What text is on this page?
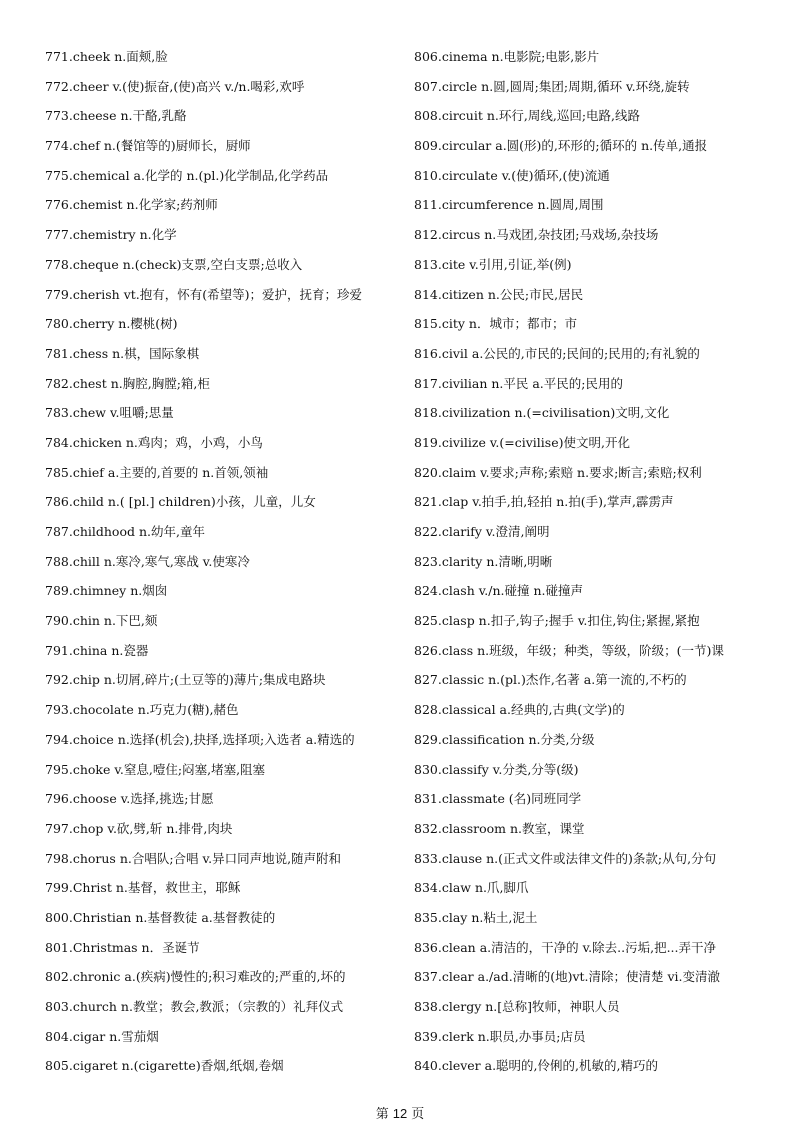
771.cheek n.面颊,脸
772.cheer v.(使)振奋,(使)高兴 v./n.喝彩,欢呼
773.cheese n.干酪,乳酪
774.chef n.(餐馆等的)厨师长，厨师
775.chemical a.化学的 n.(pl.)化学制品,化学药品
776.chemist n.化学家;药剂师
777.chemistry n.化学
778.cheque n.(check)支票,空白支票;总收入
779.cherish vt.抱有，怀有(希望等)；爱护，抚育；珍爱
780.cherry n.樱桃(树)
781.chess n.棋，国际象棋
782.chest n.胸腔,胸膛;箱,柜
783.chew v.咀嚼;思量
784.chicken n.鸡肉；鸡，小鸡，小鸟
785.chief a.主要的,首要的 n.首领,领袖
786.child n.( [pl.] children)小孩，儿童，儿女
787.childhood n.幼年,童年
788.chill n.寒冷,寒气,寒战 v.使寒冷
789.chimney n.烟囱
790.chin n.下巴,颏
791.china n.瓷器
792.chip n.切屑,碎片;(土豆等的)薄片;集成电路块
793.chocolate n.巧克力(糖),赭色
794.choice n.选择(机会),抉择,选择项;入选者 a.精选的
795.choke v.窒息,噎住;闷塞,堵塞,阻塞
796.choose v.选择,挑选;甘愿
797.chop v.砍,劈,斩 n.排骨,肉块
798.chorus n.合唱队;合唱 v.异口同声地说,随声附和
799.Christ n.基督，救世主，耶稣
800.Christian n.基督教徒 a.基督教徒的
801.Christmas n．圣诞节
802.chronic a.(疾病)慢性的;积习难改的;严重的,坏的
803.church n.教堂；教会,教派；（宗教的）礼拜仪式
804.cigar n.雪茄烟
805.cigaret n.(cigarette)香烟,纸烟,卷烟
806.cinema n.电影院;电影,影片
807.circle n.圆,圆周;集团;周期,循环 v.环绕,旋转
808.circuit n.环行,周线,巡回;电路,线路
809.circular a.圆(形)的,环形的;循环的 n.传单,通报
810.circulate v.(使)循环,(使)流通
811.circumference n.圆周,周围
812.circus n.马戏团,杂技团;马戏场,杂技场
813.cite v.引用,引证,举(例)
814.citizen n.公民;市民,居民
815.city n．城市；都市；市
816.civil a.公民的,市民的;民间的;民用的;有礼貌的
817.civilian n.平民 a.平民的;民用的
818.civilization n.(=civilisation)文明,文化
819.civilize v.(=civilise)使文明,开化
820.claim v.要求;声称;索赔 n.要求;断言;索赔;权利
821.clap v.拍手,拍,轻拍 n.拍(手),掌声,霹雳声
822.clarify v.澄清,阐明
823.clarity n.清晰,明晰
824.clash v./n.碰撞 n.碰撞声
825.clasp n.扣子,钩子;握手 v.扣住,钩住;紧握,紧抱
826.class n.班级，年级；种类，等级，阶级；(一节)课
827.classic n.(pl.)杰作,名著 a.第一流的,不朽的
828.classical a.经典的,古典(文学)的
829.classification n.分类,分级
830.classify v.分类,分等(级)
831.classmate (名)同班同学
832.classroom n.教室，课堂
833.clause n.(正式文件或法律文件的)条款;从句,分句
834.claw n.爪,脚爪
835.clay n.粘土,泥土
836.clean a.清洁的，干净的 v.除去..污垢,把...弄干净
837.clear a./ad.清晰的(地)vt.清除；使清楚 vi.变清澈
838.clergy n.[总称]牧师，神职人员
839.clerk n.职员,办事员;店员
840.clever a.聪明的,伶俐的,机敏的,精巧的
第 12 页
